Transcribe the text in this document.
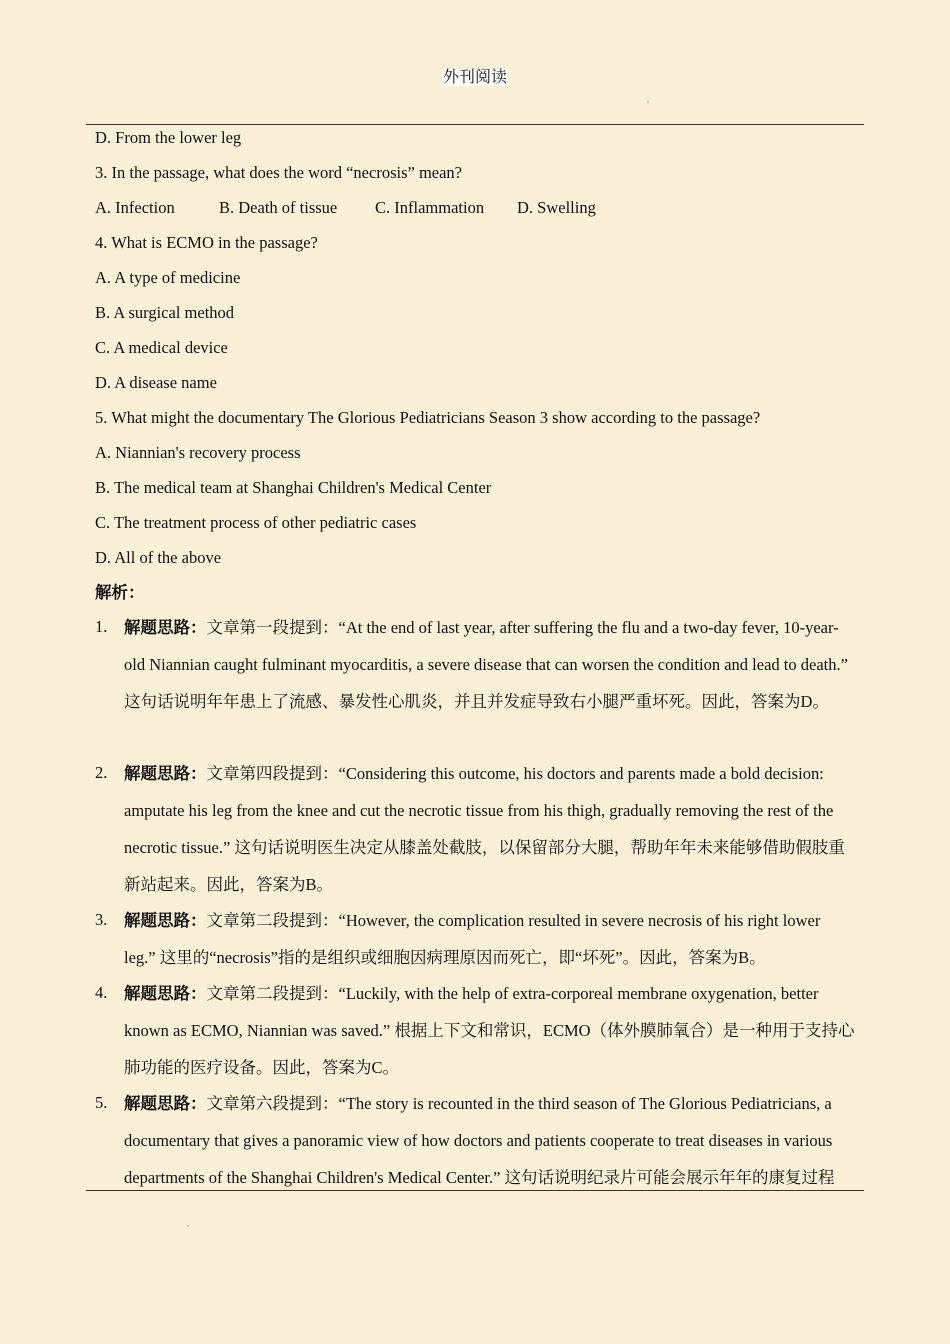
外刊阅读
D. From the lower leg
3. In the passage, what does the word “necrosis” mean?
A. Infection	B. Death of tissue	C. Inflammation	D. Swelling
4. What is ECMO in the passage?
A. A type of medicine
B. A surgical method
C. A medical device
D. A disease name
5. What might the documentary The Glorious Pediatricians Season 3 show according to the passage?
A. Niannian's recovery process
B. The medical team at Shanghai Children's Medical Center
C. The treatment process of other pediatric cases
D. All of the above
解析：
1. 解题思路：文章第一段提到：“At the end of last year, after suffering the flu and a two-day fever, 10-year-old Niannian caught fulminant myocarditis, a severe disease that can worsen the condition and lead to death.” 这句话说明年年患上了流感、暴发性心肌炎，并且并发症导致右小腿严重坏死。因此，答案为D。
2. 解题思路：文章第四段提到：“Considering this outcome, his doctors and parents made a bold decision: amputate his leg from the knee and cut the necrotic tissue from his thigh, gradually removing the rest of the necrotic tissue.” 这句话说明医生决定从膝盖处截肢，以保留部分大腿，帮助年年未来能够借助假肢重新站起来。因此，答案为B。
3. 解题思路：文章第二段提到：“However, the complication resulted in severe necrosis of his right lower leg.” 这里的“necrosis”指的是组织或细胞因病理原因而死亡，即“坏死”。因此，答案为B。
4. 解题思路：文章第二段提到：“Luckily, with the help of extra-corporeal membrane oxygenation, better known as ECMO, Niannian was saved.” 根据上下文和常识，ECMO（体外膜肺氧合）是一种用于支持心肺功能的医疗设备。因此，答案为C。
5. 解题思路：文章第六段提到：“The story is recounted in the third season of The Glorious Pediatricians, a documentary that gives a panoramic view of how doctors and patients cooperate to treat diseases in various departments of the Shanghai Children's Medical Center.” 这句话说明纪录片可能会展示年年的康复过程
